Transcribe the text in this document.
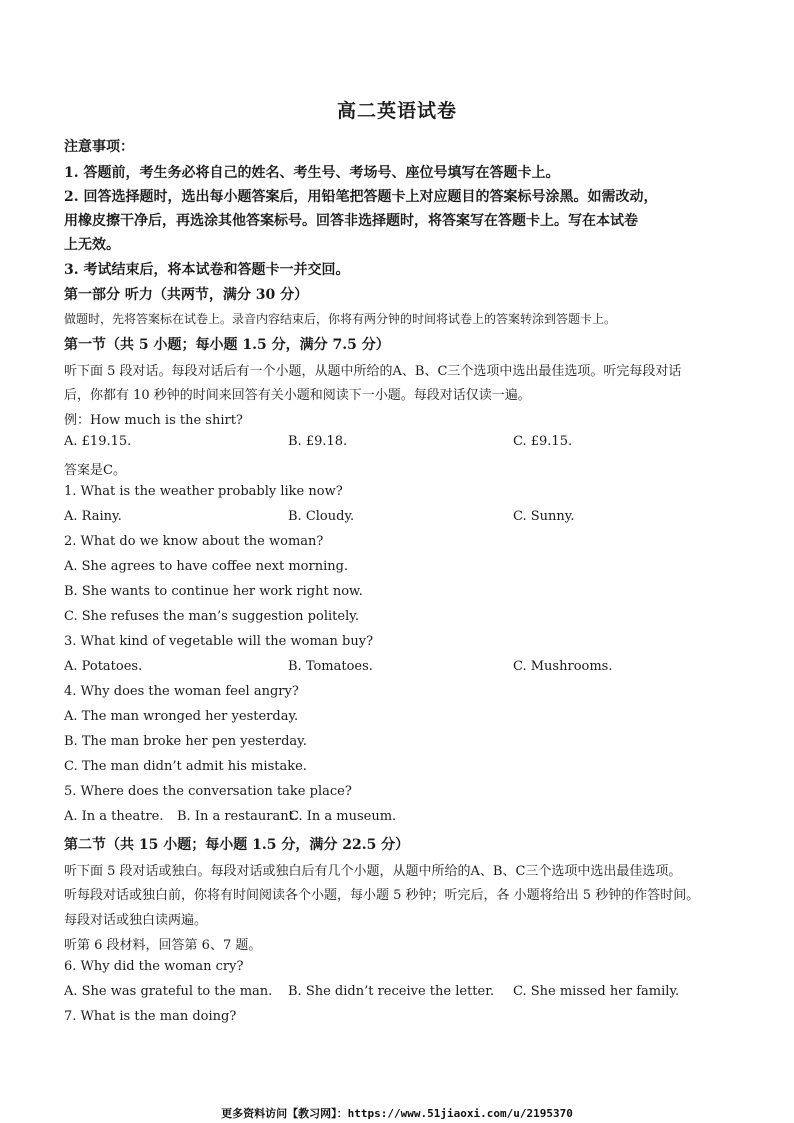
高二英语试卷
注意事项：
1. 答题前，考生务必将自己的姓名、考生号、考场号、座位号填写在答题卡上。
2. 回答选择题时，选出每小题答案后，用铅笔把答题卡上对应题目的答案标号涂黑。如需改动，
用橡皮擦干净后，再选涂其他答案标号。回答非选择题时，将答案写在答题卡上。写在本试卷
上无效。
3. 考试结束后，将本试卷和答题卡一并交回。
第一部分 听力（共两节，满分 30 分）
做题时，先将答案标在试卷上。录音内容结束后，你将有两分钟的时间将试卷上的答案转涂到答题卡上。
第一节（共 5 小题；每小题 1.5 分，满分 7.5 分）
听下面 5 段对话。每段对话后有一个小题，从题中所给的A、B、C三个选项中选出最佳选项。听完每段对话
后，你都有 10 秒钟的时间来回答有关小题和阅读下一小题。每段对话仅读一遍。
例：How much is the shirt?
A. £19.15.	B. £9.18.	C. £9.15.
答案是C。
1. What is the weather probably like now?
A. Rainy.	B. Cloudy.	C. Sunny.
2. What do we know about the woman?
A. She agrees to have coffee next morning.
B. She wants to continue her work right now.
C. She refuses the man’s suggestion politely.
3. What kind of vegetable will the woman buy?
A. Potatoes.	B. Tomatoes.	C. Mushrooms.
4. Why does the woman feel angry?
A. The man wronged her yesterday.
B. The man broke her pen yesterday.
C. The man didn’t admit his mistake.
5. Where does the conversation take place?
A. In a theatre. B. In a restaurant.
C. In a museum.
第二节（共 15 小题；每小题 1.5 分，满分 22.5 分）
听下面 5 段对话或独白。每段对话或独白后有几个小题，从题中所给的A、B、C三个选项中选出最佳选项。
听每段对话或独白前，你将有时间阅读各个小题，每小题 5 秒钟；听完后，各 小题将给出 5 秒钟的作答时间。
每段对话或独白读两遍。
听第 6 段材料，回答第 6、7 题。
6. Why did the woman cry?
A. She was grateful to the man. B. She didn’t receive the letter. C. She missed her family.
7. What is the man doing?
更多资料访问【教习网】：https://www.51jiaoxi.com/u/2195370
